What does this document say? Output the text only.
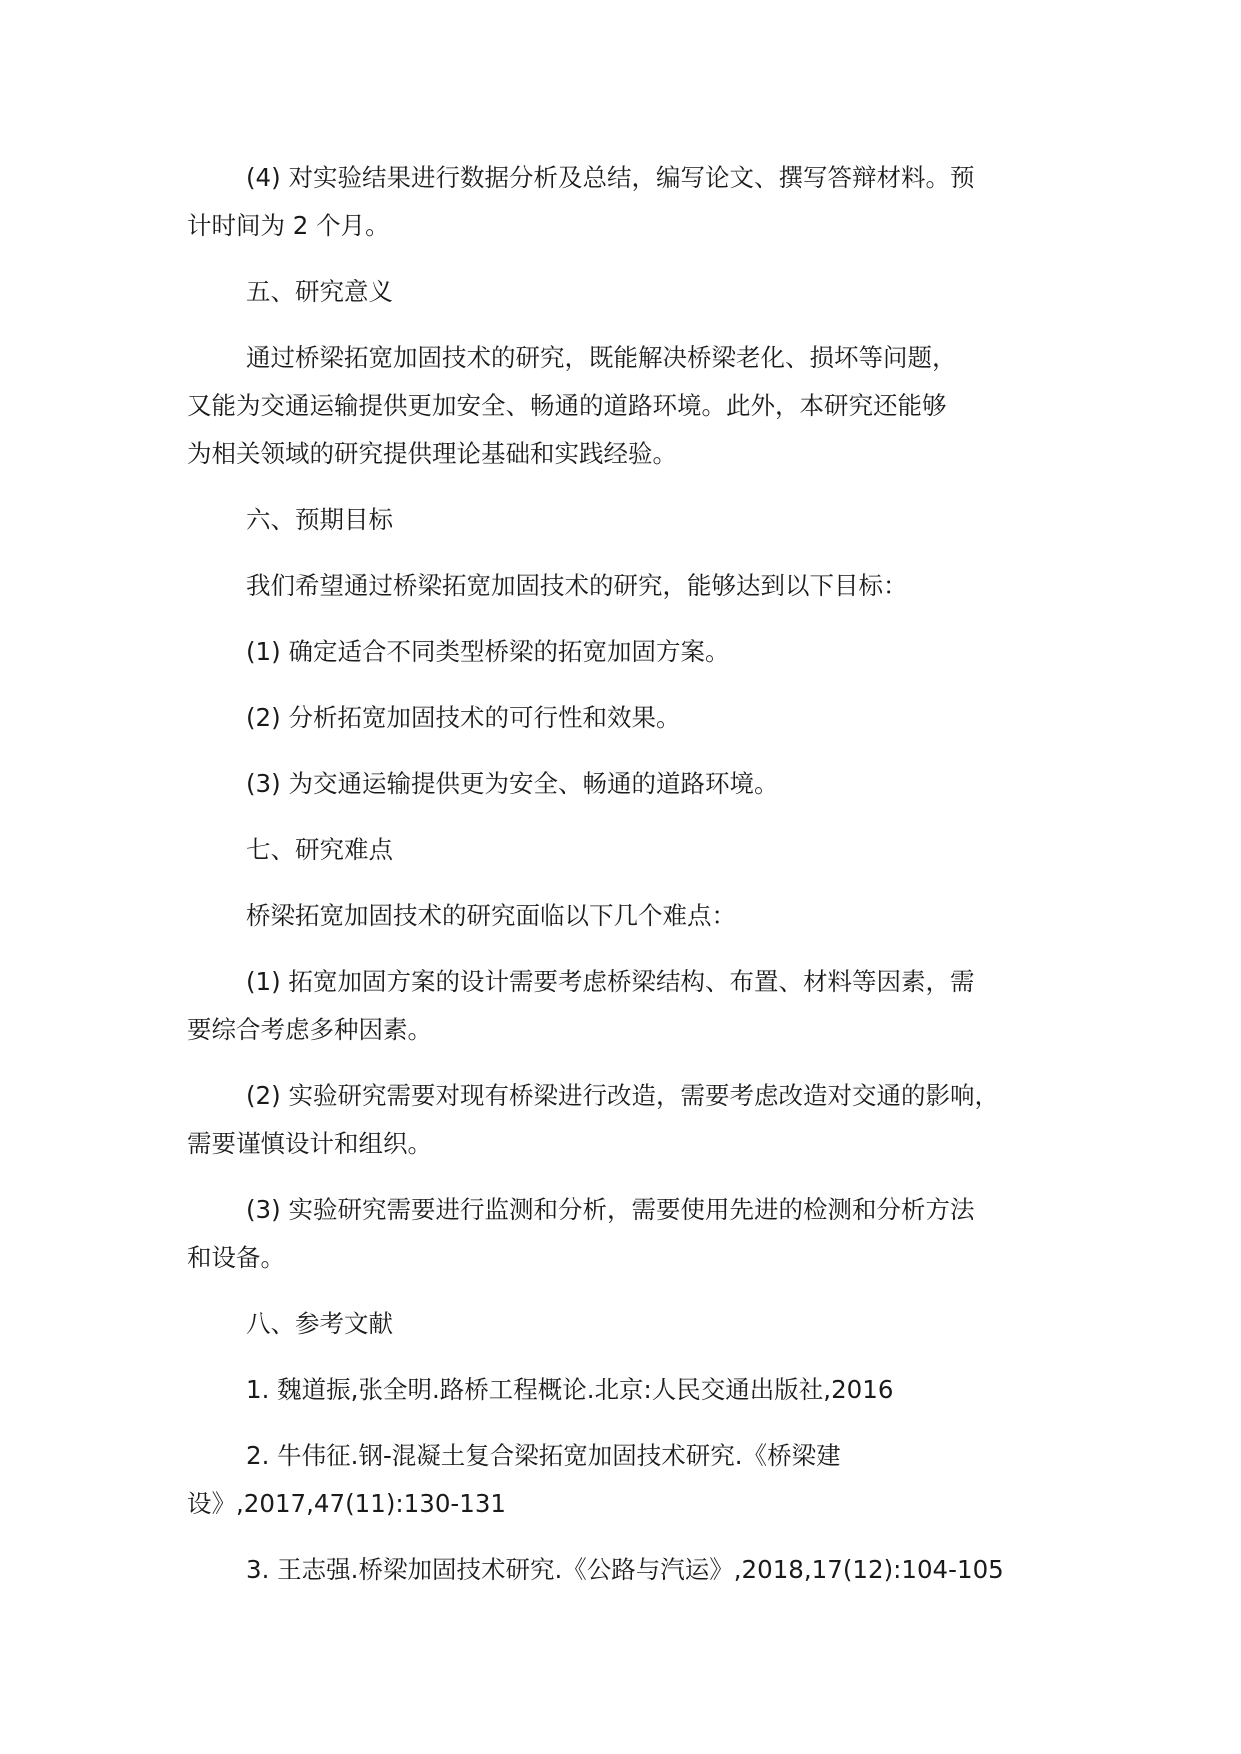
(4) 对实验结果进行数据分析及总结，编写论文、撰写答辩材料。预
计时间为 2 个月。

五、研究意义

通过桥梁拓宽加固技术的研究，既能解决桥梁老化、损坏等问题，
又能为交通运输提供更加安全、畅通的道路环境。此外，本研究还能够
为相关领域的研究提供理论基础和实践经验。

六、预期目标

我们希望通过桥梁拓宽加固技术的研究，能够达到以下目标：

(1) 确定适合不同类型桥梁的拓宽加固方案。

(2) 分析拓宽加固技术的可行性和效果。

(3) 为交通运输提供更为安全、畅通的道路环境。

七、研究难点

桥梁拓宽加固技术的研究面临以下几个难点：

(1) 拓宽加固方案的设计需要考虑桥梁结构、布置、材料等因素，需
要综合考虑多种因素。

(2) 实验研究需要对现有桥梁进行改造，需要考虑改造对交通的影响，
需要谨慎设计和组织。

(3) 实验研究需要进行监测和分析，需要使用先进的检测和分析方法
和设备。

八、参考文献

1. 魏道振,张全明.路桥工程概论.北京:人民交通出版社,2016

2. 牛伟征.钢-混凝土复合梁拓宽加固技术研究.《桥梁建
设》,2017,47(11):130-131

3. 王志强.桥梁加固技术研究.《公路与汽运》,2018,17(12):104-105
